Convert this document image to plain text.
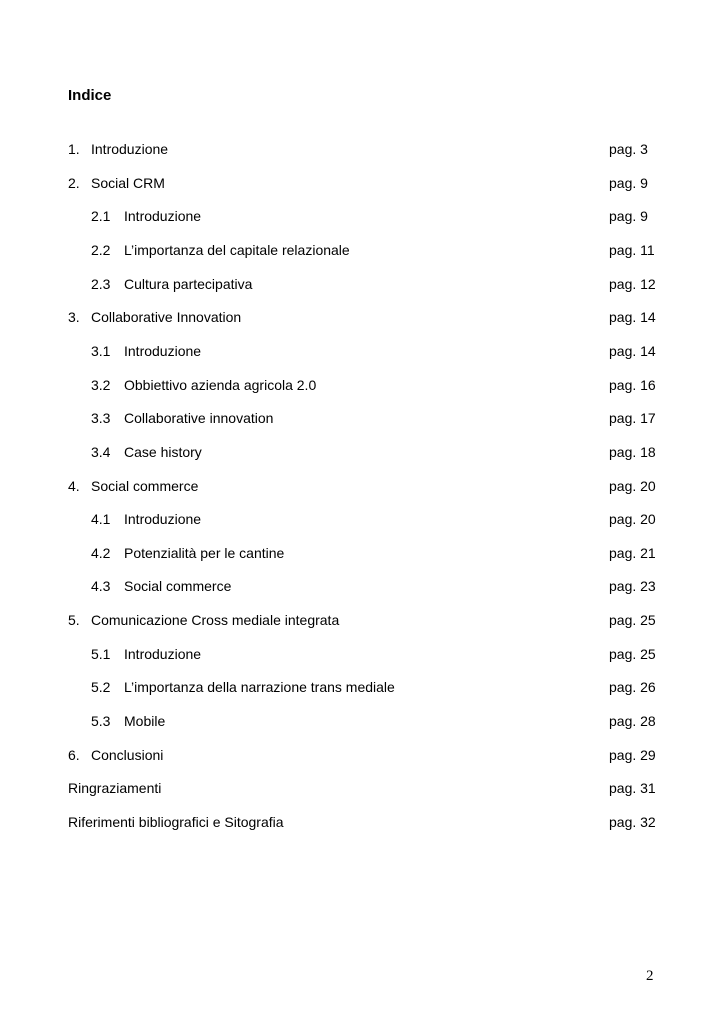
Indice
1. Introduzione	pag. 3
2. Social CRM	pag. 9
2.1 Introduzione	pag. 9
2.2 L’importanza del capitale relazionale	pag. 11
2.3 Cultura partecipativa	pag. 12
3. Collaborative Innovation	pag. 14
3.1 Introduzione	pag. 14
3.2 Obbiettivo azienda agricola 2.0	pag. 16
3.3 Collaborative innovation	pag. 17
3.4 Case history	pag. 18
4. Social commerce	pag. 20
4.1 Introduzione	pag. 20
4.2 Potenzialità per le cantine	pag. 21
4.3 Social commerce	pag. 23
5. Comunicazione Cross mediale integrata	pag. 25
5.1 Introduzione	pag. 25
5.2 L’importanza della narrazione trans mediale	pag. 26
5.3 Mobile	pag. 28
6. Conclusioni	pag. 29
Ringraziamenti	pag. 31
Riferimenti bibliografici e Sitografia	pag. 32
2
